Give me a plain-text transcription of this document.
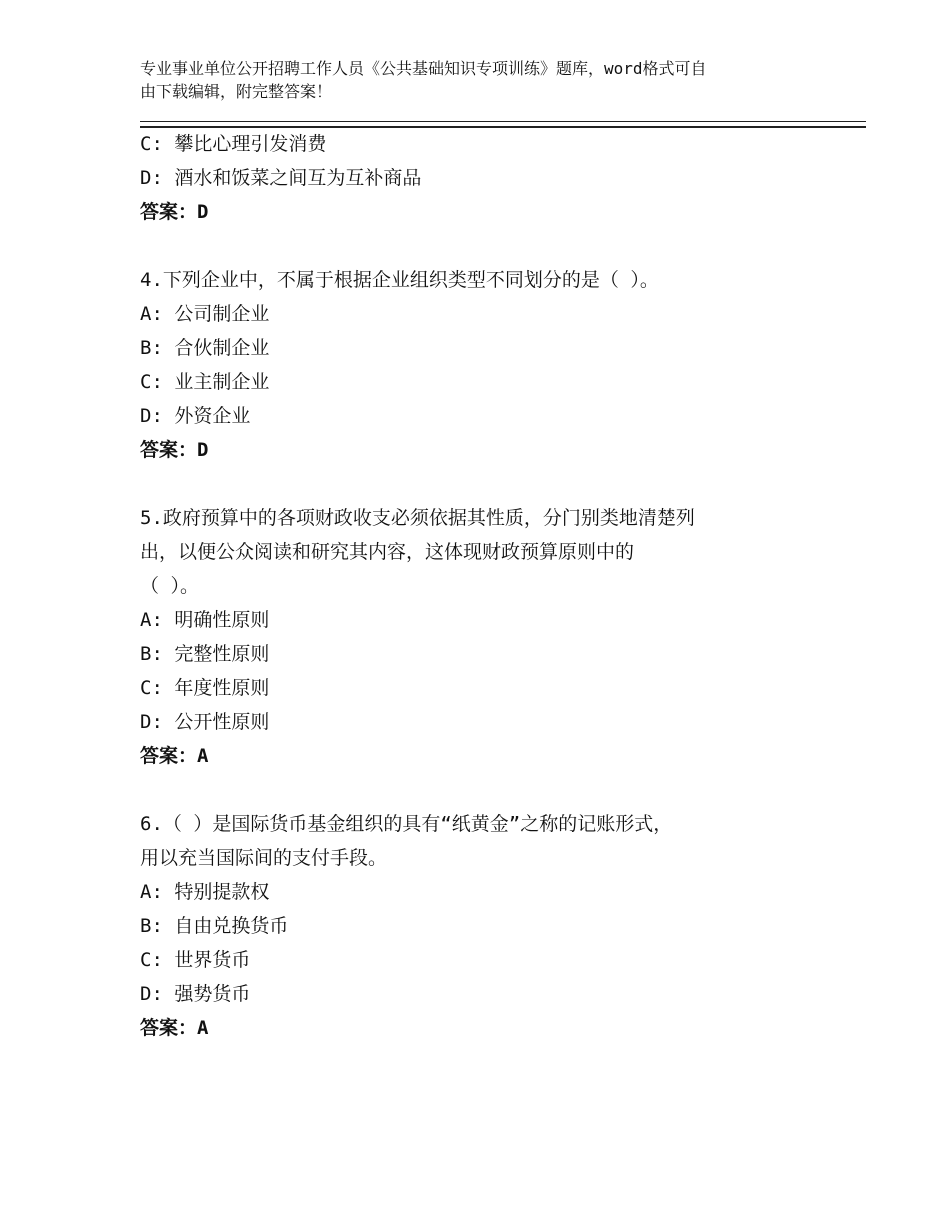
专业事业单位公开招聘工作人员《公共基础知识专项训练》题库，word格式可自
由下载编辑，附完整答案！
C: 攀比心理引发消费
D: 酒水和饭菜之间互为互补商品
答案：D
4.下列企业中，不属于根据企业组织类型不同划分的是（ ）。
A: 公司制企业
B: 合伙制企业
C: 业主制企业
D: 外资企业
答案：D
5.政府预算中的各项财政收支必须依据其性质，分门别类地清楚列
出，以便公众阅读和研究其内容，这体现财政预算原则中的
（ ）。
A: 明确性原则
B: 完整性原则
C: 年度性原则
D: 公开性原则
答案：A
6.（ ）是国际货币基金组织的具有“纸黄金”之称的记账形式，
用以充当国际间的支付手段。
A: 特别提款权
B: 自由兑换货币
C: 世界货币
D: 强势货币
答案：A
